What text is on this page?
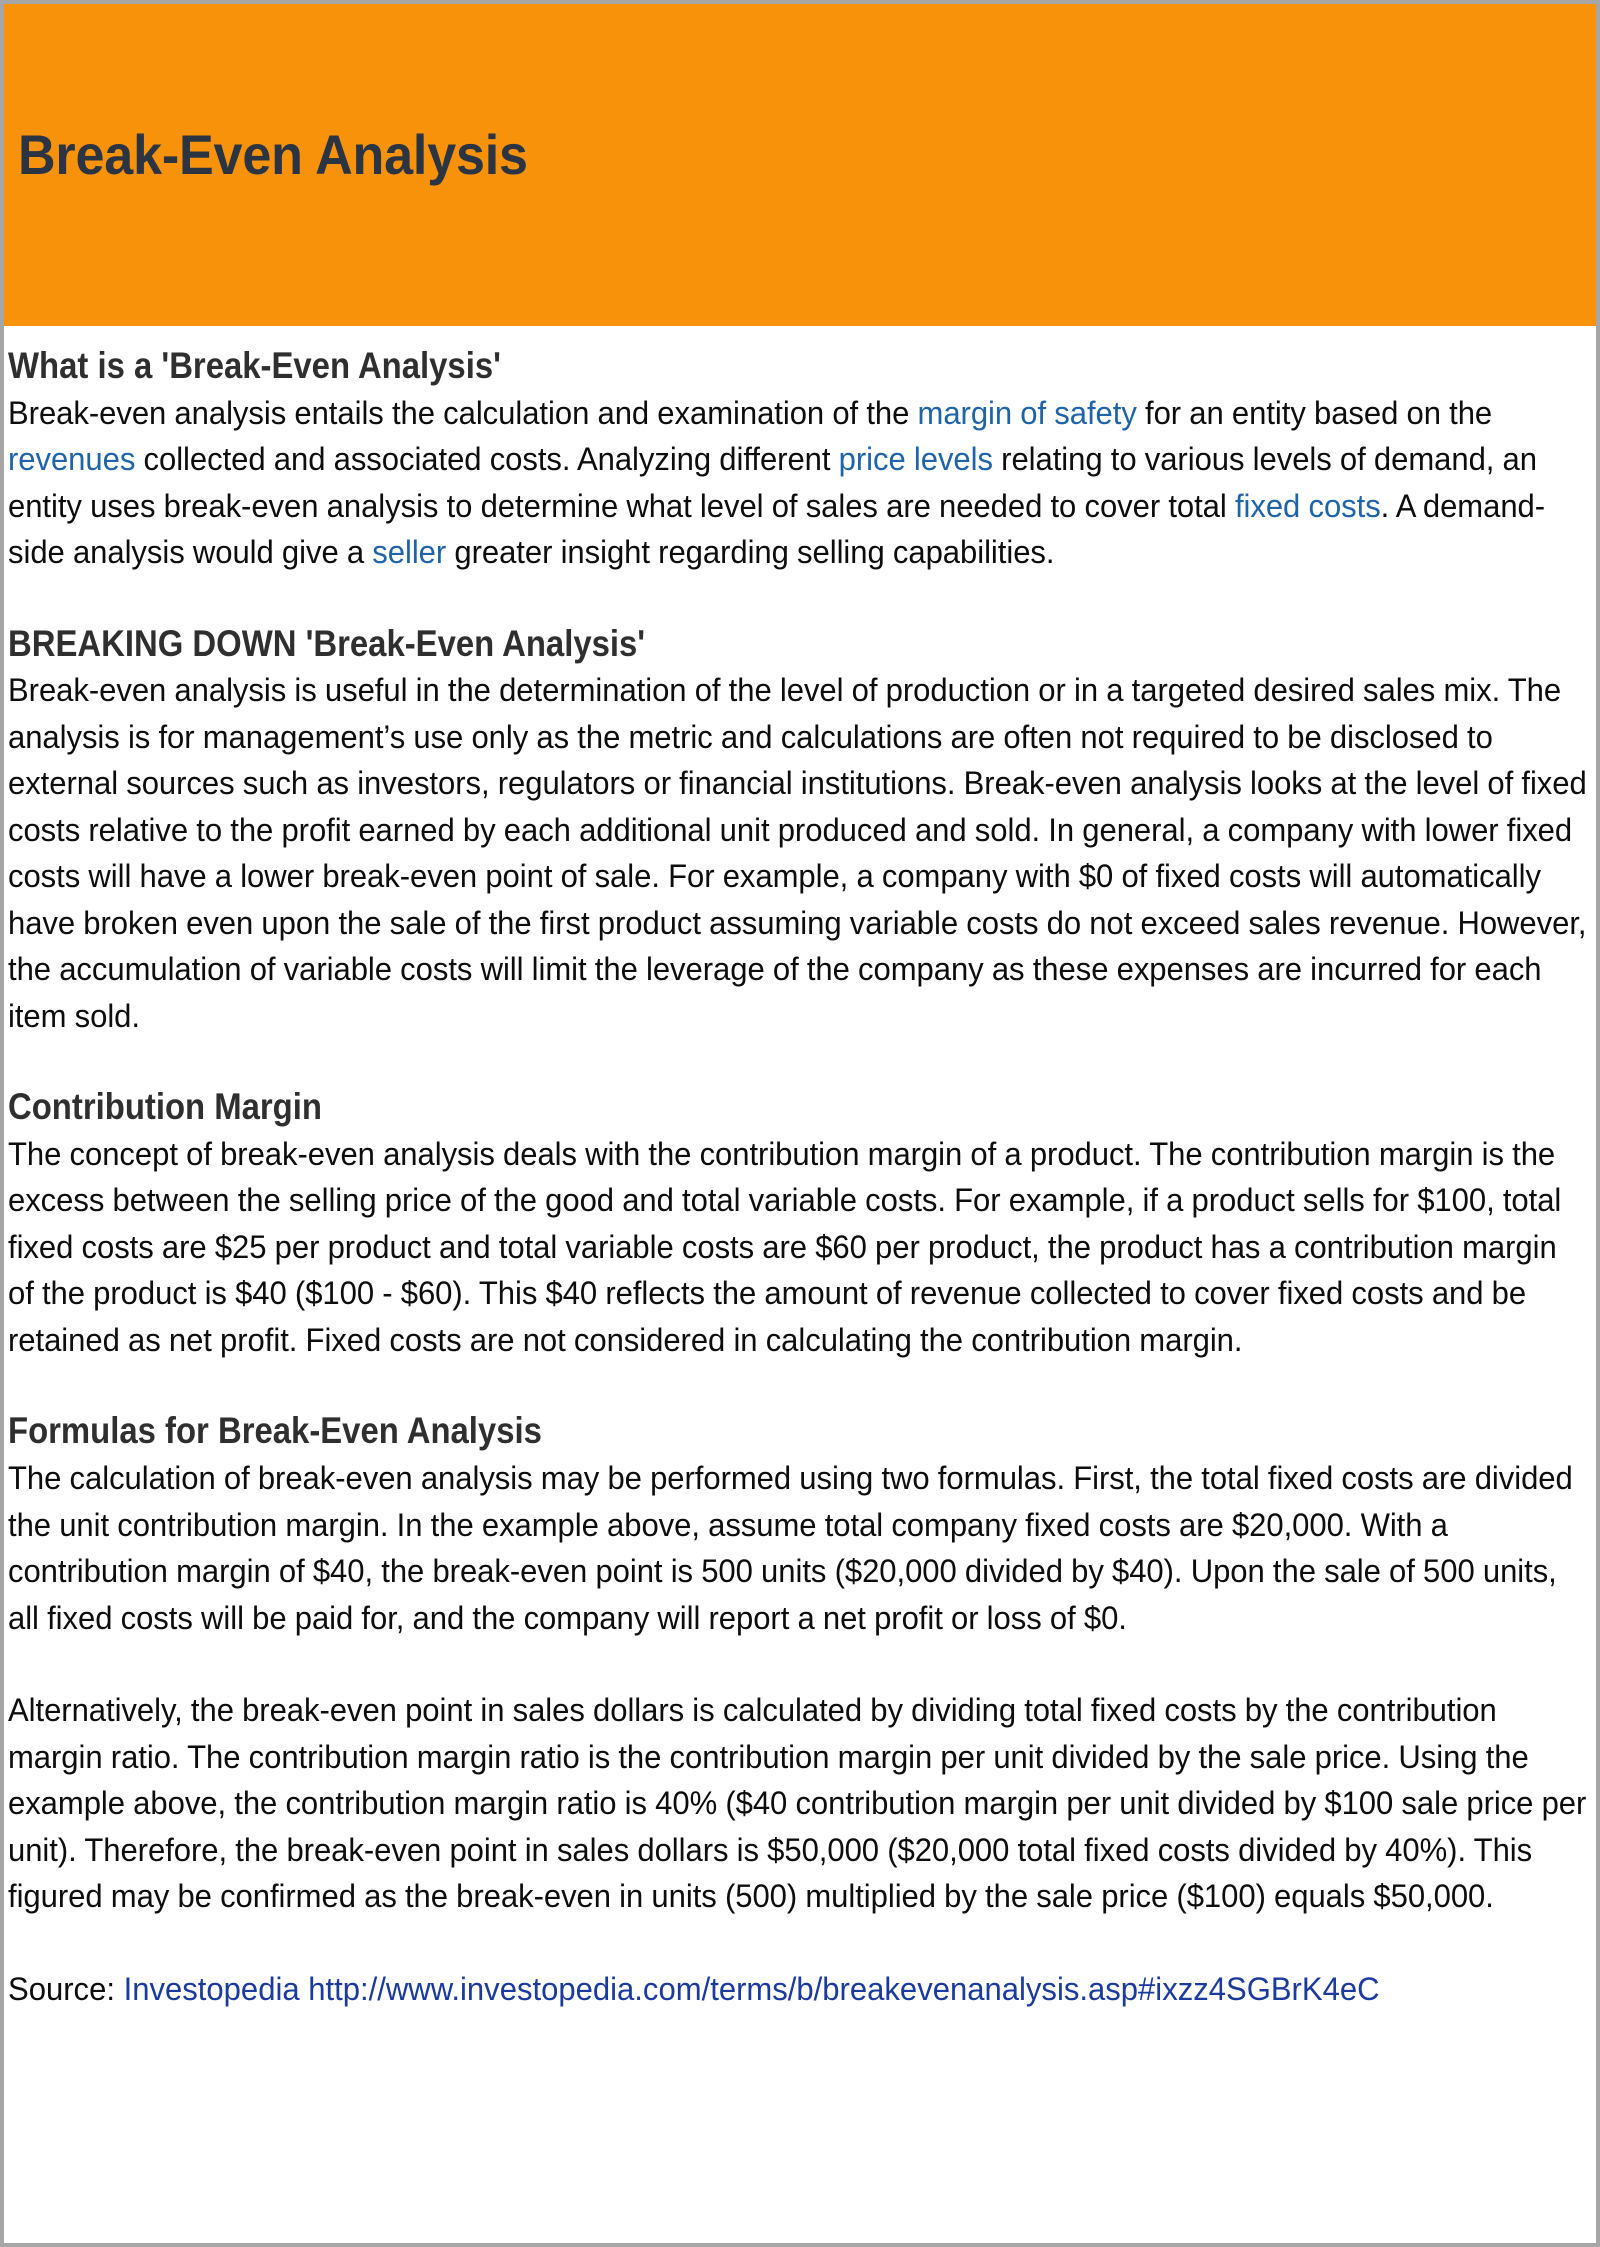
Break-Even Analysis
What is a 'Break-Even Analysis'

Break-even analysis entails the calculation and examination of the margin of safety for an entity based on the revenues collected and associated costs. Analyzing different price levels relating to various levels of demand, an entity uses break-even analysis to determine what level of sales are needed to cover total fixed costs. A demand-side analysis would give a seller greater insight regarding selling capabilities.

BREAKING DOWN 'Break-Even Analysis'

Break-even analysis is useful in the determination of the level of production or in a targeted desired sales mix. The analysis is for management’s use only as the metric and calculations are often not required to be disclosed to external sources such as investors, regulators or financial institutions. Break-even analysis looks at the level of fixed costs relative to the profit earned by each additional unit produced and sold. In general, a company with lower fixed costs will have a lower break-even point of sale. For example, a company with $0 of fixed costs will automatically have broken even upon the sale of the first product assuming variable costs do not exceed sales revenue. However, the accumulation of variable costs will limit the leverage of the company as these expenses are incurred for each item sold.

Contribution Margin

The concept of break-even analysis deals with the contribution margin of a product. The contribution margin is the excess between the selling price of the good and total variable costs. For example, if a product sells for $100, total fixed costs are $25 per product and total variable costs are $60 per product, the product has a contribution margin of the product is $40 ($100 - $60). This $40 reflects the amount of revenue collected to cover fixed costs and be retained as net profit. Fixed costs are not considered in calculating the contribution margin.

Formulas for Break-Even Analysis

The calculation of break-even analysis may be performed using two formulas. First, the total fixed costs are divided the unit contribution margin. In the example above, assume total company fixed costs are $20,000. With a contribution margin of $40, the break-even point is 500 units ($20,000 divided by $40). Upon the sale of 500 units, all fixed costs will be paid for, and the company will report a net profit or loss of $0.

Alternatively, the break-even point in sales dollars is calculated by dividing total fixed costs by the contribution margin ratio. The contribution margin ratio is the contribution margin per unit divided by the sale price. Using the example above, the contribution margin ratio is 40% ($40 contribution margin per unit divided by $100 sale price per unit). Therefore, the break-even point in sales dollars is $50,000 ($20,000 total fixed costs divided by 40%). This figured may be confirmed as the break-even in units (500) multiplied by the sale price ($100) equals $50,000.

Source: Investopedia http://www.investopedia.com/terms/b/breakevenanalysis.asp#ixzz4SGBrK4eC
